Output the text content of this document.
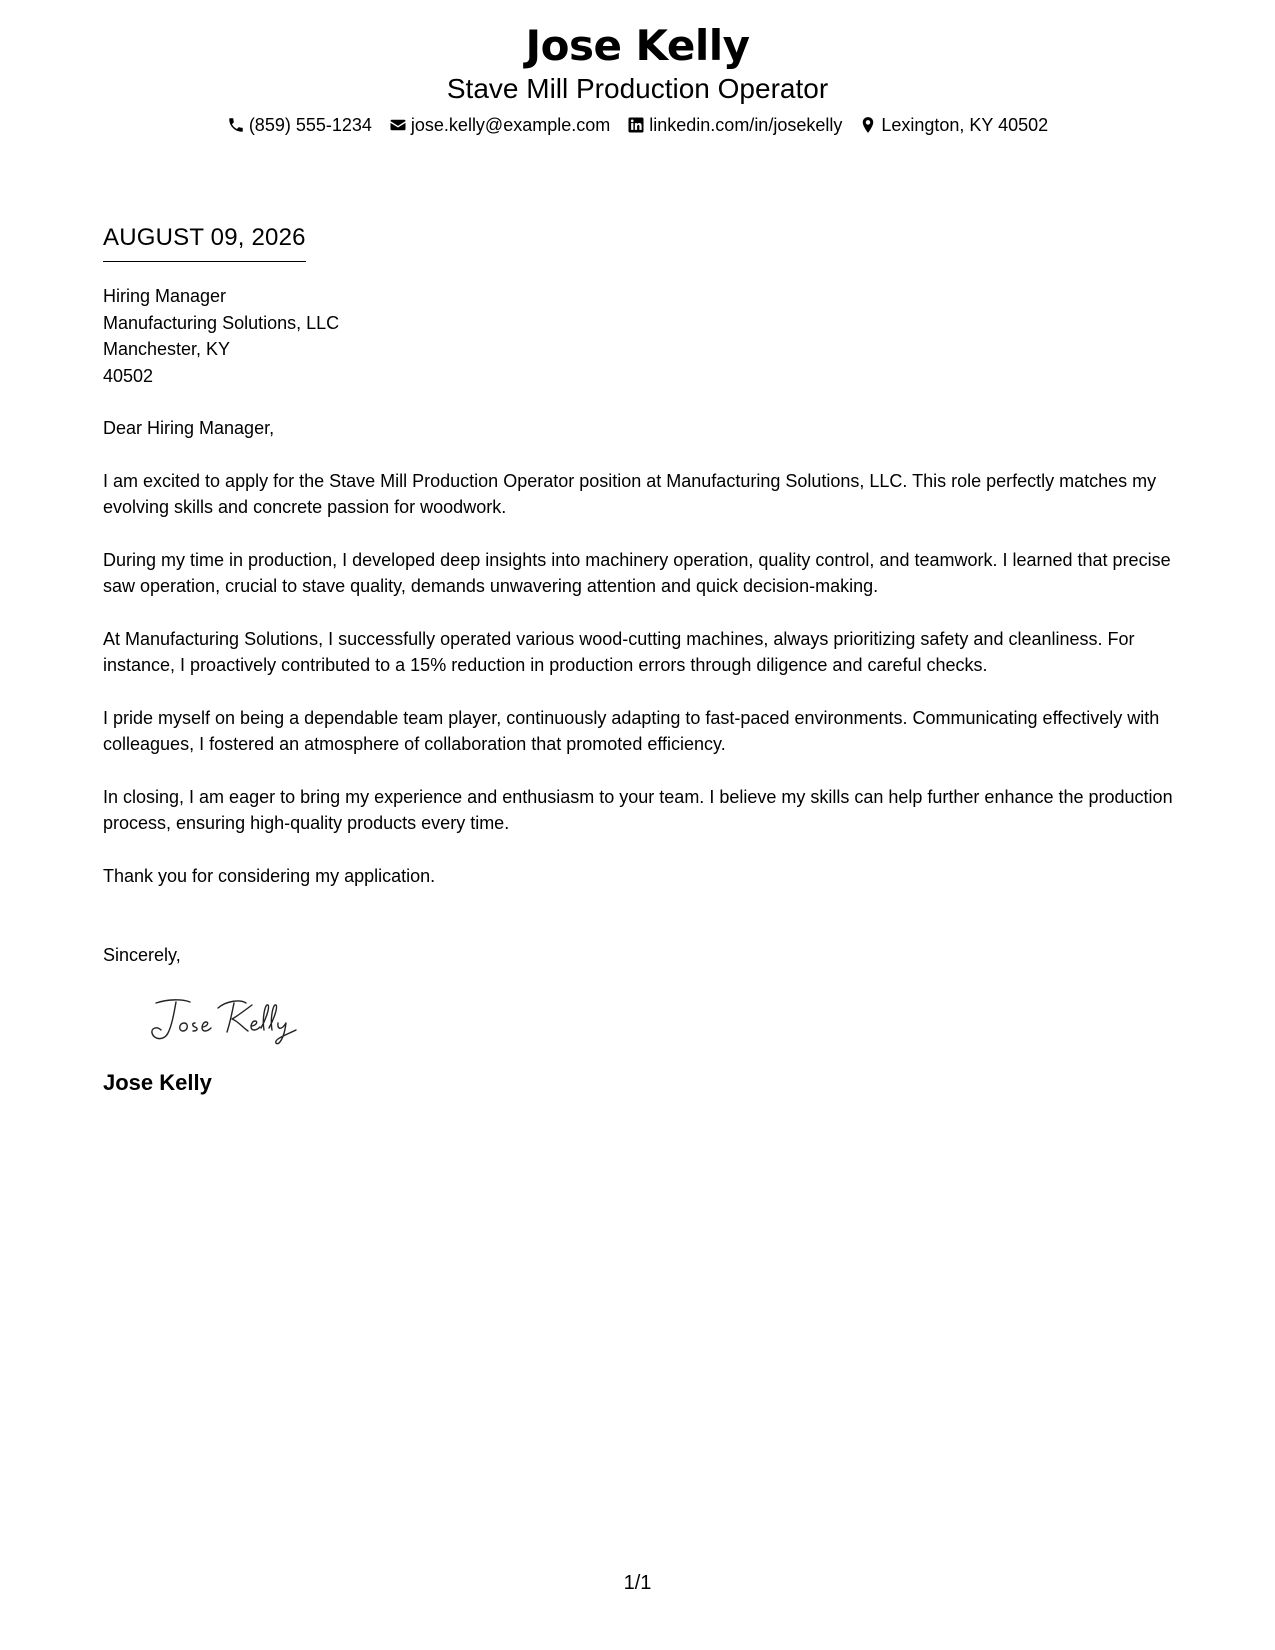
Jose Kelly
Stave Mill Production Operator
(859) 555-1234 jose.kelly@example.com linkedin.com/in/josekelly Lexington, KY 40502
AUGUST 09, 2026
Hiring Manager
Manufacturing Solutions, LLC
Manchester, KY
40502

Dear Hiring Manager,

I am excited to apply for the Stave Mill Production Operator position at Manufacturing Solutions, LLC. This role perfectly matches my evolving skills and concrete passion for woodwork.

During my time in production, I developed deep insights into machinery operation, quality control, and teamwork. I learned that precise saw operation, crucial to stave quality, demands unwavering attention and quick decision-making.

At Manufacturing Solutions, I successfully operated various wood-cutting machines, always prioritizing safety and cleanliness. For instance, I proactively contributed to a 15% reduction in production errors through diligence and careful checks.

I pride myself on being a dependable team player, continuously adapting to fast-paced environments. Communicating effectively with colleagues, I fostered an atmosphere of collaboration that promoted efficiency.

In closing, I am eager to bring my experience and enthusiasm to your team. I believe my skills can help further enhance the production process, ensuring high-quality products every time.

Thank you for considering my application.

Sincerely,

Jose Kelly
1/1
